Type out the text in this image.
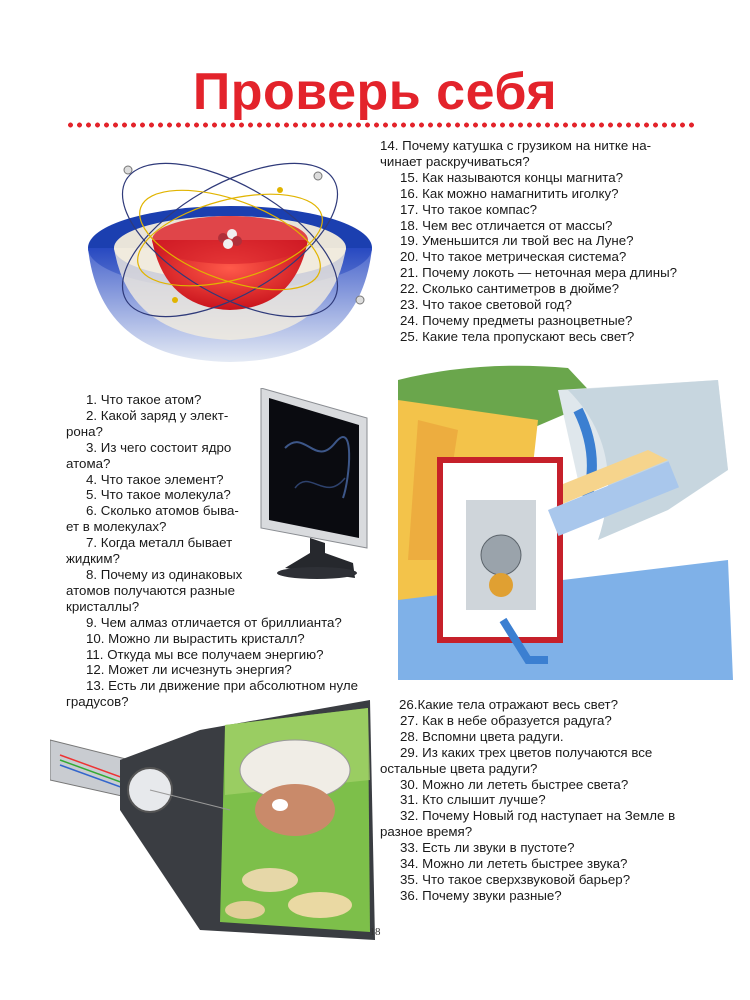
Проверь себя
14. Почему катушка с грузиком на нитке на-
чинает раскручиваться?
15. Как называются концы магнита?
16. Как можно намагнитить иголку?
17. Что такое компас?
18. Чем вес отличается от массы?
19. Уменьшится ли твой вес на Луне?
20. Что такое метрическая система?
21. Почему локоть — неточная мера длины?
22. Сколько сантиметров в дюйме?
23. Что такое световой год?
24. Почему предметы разноцветные?
25. Какие тела пропускают весь свет?
1. Что такое атом?
2. Какой заряд у элект-
рона?
3. Из чего состоит ядро
атома?
4. Что такое элемент?
5. Что такое молекула?
6. Сколько атомов быва-
ет в молекулах?
7. Когда металл бывает
жидким?
8. Почему из одинаковых
атомов получаются разные
кристаллы?
9. Чем алмаз отличается от бриллианта?
10. Можно ли вырастить кристалл?
11. Откуда мы все получаем энергию?
12. Может ли исчезнуть энергия?
13. Есть ли движение при абсолютном нуле
градусов?	26.Какие тела отражают весь свет?
27. Как в небе образуется радуга?
28. Вспомни цвета радуги.
29. Из каких трех цветов получаются все
остальные цвета радуги?
30. Можно ли лететь быстрее света?
31. Кто слышит лучше?
32. Почему Новый год наступает на Земле в
разное время?
33. Есть ли звуки в пустоте?
34. Можно ли лететь быстрее звука?
35. Что такое сверхзвуковой барьер?
36. Почему звуки разные?
18
